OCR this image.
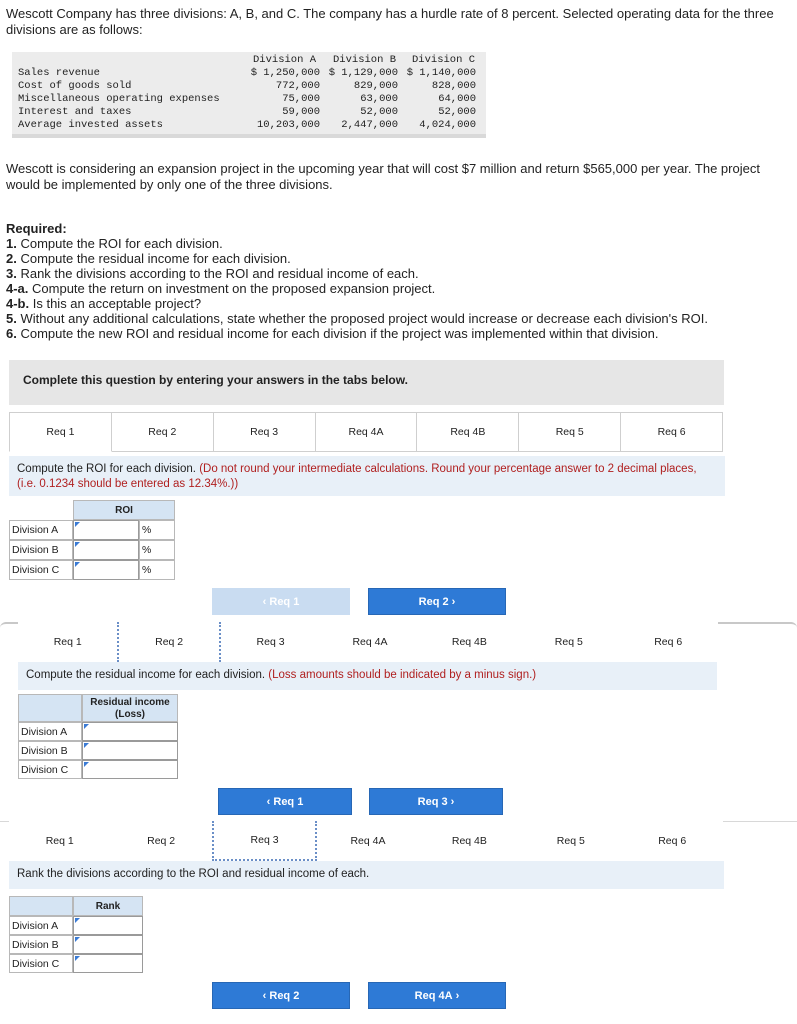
Wescott Company has three divisions: A, B, and C. The company has a hurdle rate of 8 percent. Selected operating data for the three divisions are as follows:
Division A Division B Division C
Sales revenue	$ 1,250,000 $ 1,129,000 $ 1,140,000
Cost of goods sold	772,000	829,000	828,000
Miscellaneous operating expenses	75,000	63,000	64,000
Interest and taxes	59,000	52,000	52,000
Average invested assets	10,203,000	2,447,000	4,024,000
Wescott is considering an expansion project in the upcoming year that will cost $7 million and return $565,000 per year. The project would be implemented by only one of the three divisions.
Required:
1. Compute the ROI for each division.
2. Compute the residual income for each division.
3. Rank the divisions according to the ROI and residual income of each.
4-a. Compute the return on investment on the proposed expansion project.
4-b. Is this an acceptable project?
5. Without any additional calculations, state whether the proposed project would increase or decrease each division's ROI.
6. Compute the new ROI and residual income for each division if the project was implemented within that division.
Complete this question by entering your answers in the tabs below.
Req 1	Req 2	Req 3	Req 4A	Req 4B	Req 5	Req 6
Compute the ROI for each division. (Do not round your intermediate calculations. Round your percentage answer to 2 decimal places, (i.e. 0.1234 should be entered as 12.34%.))
ROI
Division A	%
Division B	%
Division C	%
‹ Req 1	Req 2 ›
Req 1	Req 2	Req 3	Req 4A	Req 4B	Req 5	Req 6
Compute the residual income for each division. (Loss amounts should be indicated by a minus sign.)
Residual income (Loss)
Division A
Division B
Division C
‹ Req 1	Req 3 ›
Req 1	Req 2	Req 3	Req 4A	Req 4B	Req 5	Req 6
Rank the divisions according to the ROI and residual income of each.
Rank
Division A
Division B
Division C
‹ Req 2	Req 4A ›
